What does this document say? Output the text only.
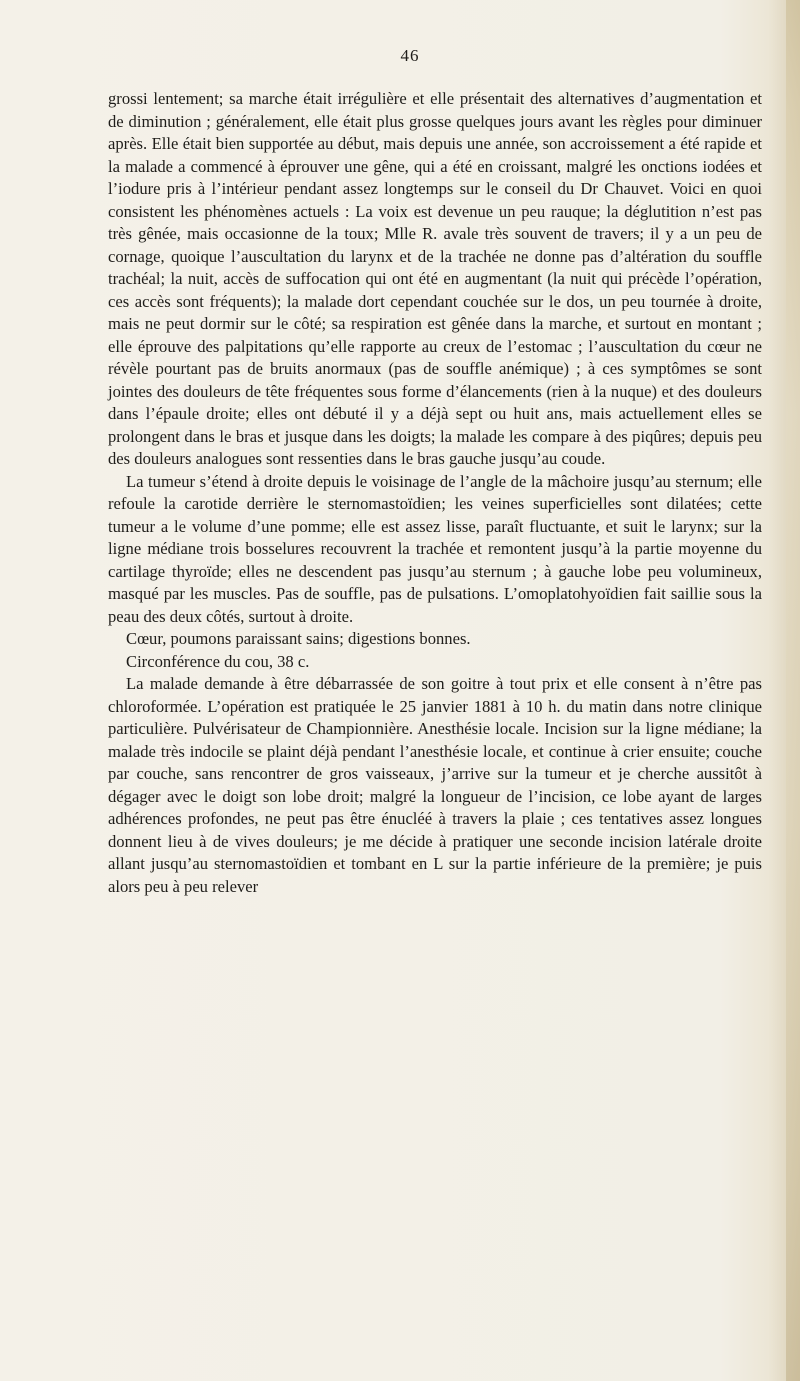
46

grossi lentement; sa marche était irrégulière et elle présentait des alternatives d’augmentation et de diminution ; généralement, elle était plus grosse quelques jours avant les règles pour diminuer après. Elle était bien supportée au début, mais depuis une année, son accroissement a été rapide et la malade a commencé à éprouver une gêne, qui a été en croissant, malgré les onctions iodées et l’iodure pris à l’intérieur pendant assez longtemps sur le conseil du Dr Chauvet. Voici en quoi consistent les phénomènes actuels : La voix est devenue un peu rauque; la déglutition n’est pas très gênée, mais occasionne de la toux; Mlle R. avale très souvent de travers; il y a un peu de cornage, quoique l’auscultation du larynx et de la trachée ne donne pas d’altération du souffle trachéal; la nuit, accès de suffocation qui ont été en augmentant (la nuit qui précède l’opération, ces accès sont fréquents); la malade dort cependant couchée sur le dos, un peu tournée à droite, mais ne peut dormir sur le côté; sa respiration est gênée dans la marche, et surtout en montant ; elle éprouve des palpitations qu’elle rapporte au creux de l’estomac ; l’auscultation du cœur ne révèle pourtant pas de bruits anormaux (pas de souffle anémique) ; à ces symptômes se sont jointes des douleurs de tête fréquentes sous forme d’élancements (rien à la nuque) et des douleurs dans l’épaule droite; elles ont débuté il y a déjà sept ou huit ans, mais actuellement elles se prolongent dans le bras et jusque dans les doigts; la malade les compare à des piqûres; depuis peu des douleurs analogues sont ressenties dans le bras gauche jusqu’au coude.

La tumeur s’étend à droite depuis le voisinage de l’angle de la mâchoire jusqu’au sternum; elle refoule la carotide derrière le sternomastoïdien; les veines superficielles sont dilatées; cette tumeur a le volume d’une pomme; elle est assez lisse, paraît fluctuante, et suit le larynx; sur la ligne médiane trois bosselures recouvrent la trachée et remontent jusqu’à la partie moyenne du cartilage thyroïde; elles ne descendent pas jusqu’au sternum ; à gauche lobe peu volumineux, masqué par les muscles. Pas de souffle, pas de pulsations. L’omoplatohyoïdien fait saillie sous la peau des deux côtés, surtout à droite.

Cœur, poumons paraissant sains; digestions bonnes.

Circonférence du cou, 38 c.

La malade demande à être débarrassée de son goitre à tout prix et elle consent à n’être pas chloroformée. L’opération est pratiquée le 25 janvier 1881 à 10 h. du matin dans notre clinique particulière. Pulvérisateur de Championnière. Anesthésie locale. Incision sur la ligne médiane; la malade très indocile se plaint déjà pendant l’anesthésie locale, et continue à crier ensuite; couche par couche, sans rencontrer de gros vaisseaux, j’arrive sur la tumeur et je cherche aussitôt à dégager avec le doigt son lobe droit; malgré la longueur de l’incision, ce lobe ayant de larges adhérences profondes, ne peut pas être énucléé à travers la plaie ; ces tentatives assez longues donnent lieu à de vives douleurs; je me décide à pratiquer une seconde incision latérale droite allant jusqu’au sternomastoïdien et tombant en L sur la partie inférieure de la première; je puis alors peu à peu relever
